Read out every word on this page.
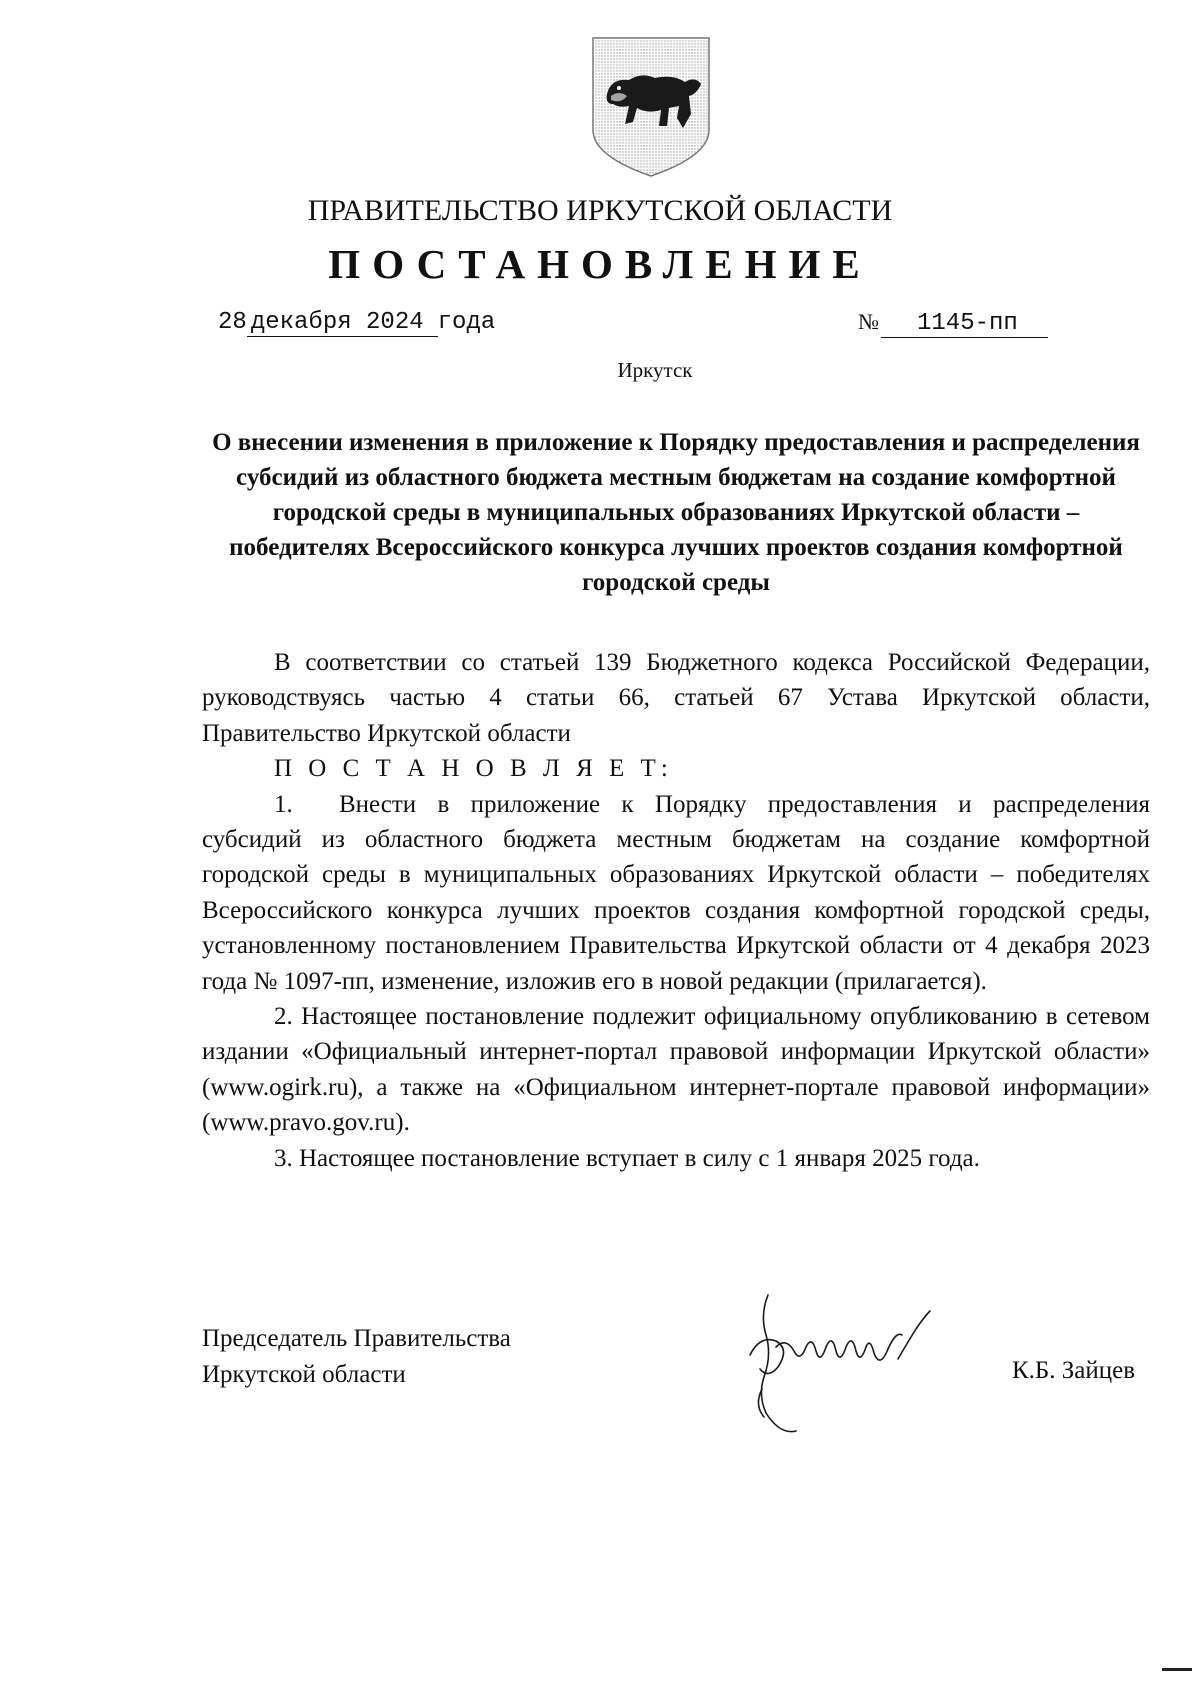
ПРАВИТЕЛЬСТВО ИРКУТСКОЙ ОБЛАСТИ
ПОСТАНОВЛЕНИЕ
28 декабря 2024 года	№ 1145-пп
Иркутск
О внесении изменения в приложение к Порядку предоставления и распределения субсидий из областного бюджета местным бюджетам на создание комфортной городской среды в муниципальных образованиях Иркутской области – победителях Всероссийского конкурса лучших проектов создания комфортной городской среды

В соответствии со статьей 139 Бюджетного кодекса Российской Федерации, руководствуясь частью 4 статьи 66, статьей 67 Устава Иркутской области, Правительство Иркутской области

П О С Т А Н О В Л Я Е Т:

1. Внести в приложение к Порядку предоставления и распределения субсидий из областного бюджета местным бюджетам на создание комфортной городской среды в муниципальных образованиях Иркутской области – победителях Всероссийского конкурса лучших проектов создания комфортной городской среды, установленному постановлением Правительства Иркутской области от 4 декабря 2023 года № 1097-пп, изменение, изложив его в новой редакции (прилагается).

2. Настоящее постановление подлежит официальному опубликованию в сетевом издании «Официальный интернет-портал правовой информации Иркутской области» (www.ogirk.ru), а также на «Официальном интернет-портале правовой информации» (www.pravo.gov.ru).

3. Настоящее постановление вступает в силу с 1 января 2025 года.

Председатель Правительства
Иркутской области	К.Б. Зайцев
